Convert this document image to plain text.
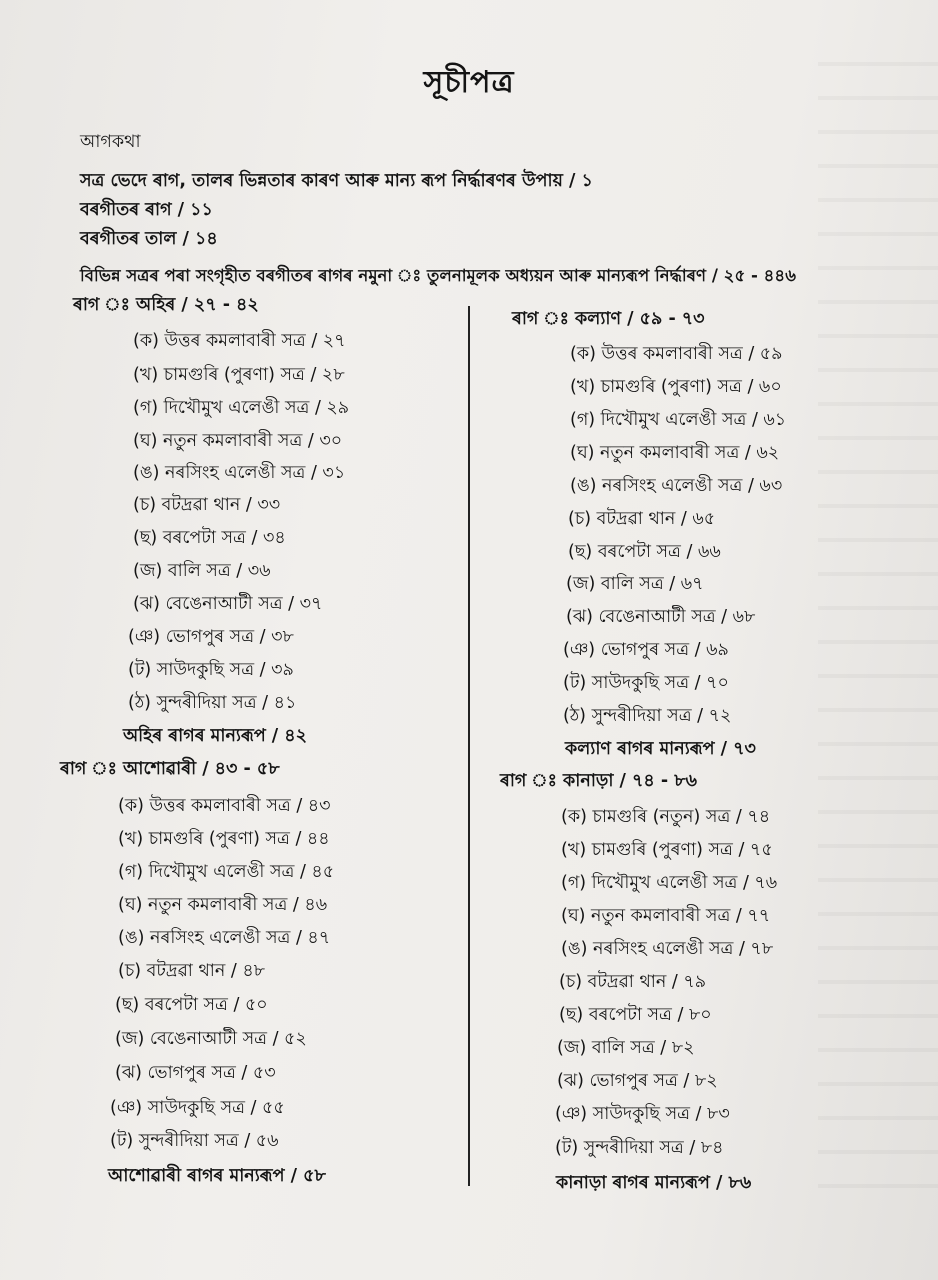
সূচীপত্ৰ
আগকথা
সত্ৰ ভেদে ৰাগ, তালৰ ভিন্নতাৰ কাৰণ আৰু মান্য ৰূপ নিৰ্দ্ধাৰণৰ উপায় / ১
বৰগীতৰ ৰাগ / ১১
বৰগীতৰ তাল / ১৪
বিভিন্ন সত্ৰৰ পৰা সংগৃহীত বৰগীতৰ ৰাগৰ নমুনা ঃ তুলনামূলক অধ্যয়ন আৰু মান্যৰূপ নিৰ্দ্ধাৰণ / ২৫ - ৪৪৬
ৰাগ ঃ অহিৰ / ২৭ - ৪২
(ক) উত্তৰ কমলাবাৰী সত্ৰ / ২৭
(খ) চামগুৰি (পুৰণা) সত্ৰ / ২৮
(গ) দিখৌমুখ এলেঙী সত্ৰ / ২৯
(ঘ) নতুন কমলাবাৰী সত্ৰ / ৩০
(ঙ) নৰসিংহ এলেঙী সত্ৰ / ৩১
(চ) বটদ্ৰৱা থান / ৩৩
(ছ) বৰপেটা সত্ৰ / ৩৪
(জ) বালি সত্ৰ / ৩৬
(ঝ) বেঙেনাআটী সত্ৰ / ৩৭
(ঞ) ভোগপুৰ সত্ৰ / ৩৮
(ট) সাউদকুছি সত্ৰ / ৩৯
(ঠ) সুন্দৰীদিয়া সত্ৰ / ৪১
অহিৰ ৰাগৰ মান্যৰূপ / ৪২
ৰাগ ঃ আশোৱাৰী / ৪৩ - ৫৮
(ক) উত্তৰ কমলাবাৰী সত্ৰ / ৪৩
(খ) চামগুৰি (পুৰণা) সত্ৰ / ৪৪
(গ) দিখৌমুখ এলেঙী সত্ৰ / ৪৫
(ঘ) নতুন কমলাবাৰী সত্ৰ / ৪৬
(ঙ) নৰসিংহ এলেঙী সত্ৰ / ৪৭
(চ) বটদ্ৰৱা থান / ৪৮
(ছ) বৰপেটা সত্ৰ / ৫০
(জ) বেঙেনাআটী সত্ৰ / ৫২
(ঝ) ভোগপুৰ সত্ৰ / ৫৩
(ঞ) সাউদকুছি সত্ৰ / ৫৫
(ট) সুন্দৰীদিয়া সত্ৰ / ৫৬
আশোৱাৰী ৰাগৰ মান্যৰূপ / ৫৮
ৰাগ ঃ কল্যাণ / ৫৯ - ৭৩
(ক) উত্তৰ কমলাবাৰী সত্ৰ / ৫৯
(খ) চামগুৰি (পুৰণা) সত্ৰ / ৬০
(গ) দিখৌমুখ এলেঙী সত্ৰ / ৬১
(ঘ) নতুন কমলাবাৰী সত্ৰ / ৬২
(ঙ) নৰসিংহ এলেঙী সত্ৰ / ৬৩
(চ) বটদ্ৰৱা থান / ৬৫
(ছ) বৰপেটা সত্ৰ / ৬৬
(জ) বালি সত্ৰ / ৬৭
(ঝ) বেঙেনাআটী সত্ৰ / ৬৮
(ঞ) ভোগপুৰ সত্ৰ / ৬৯
(ট) সাউদকুছি সত্ৰ / ৭০
(ঠ) সুন্দৰীদিয়া সত্ৰ / ৭২
কল্যাণ ৰাগৰ মান্যৰূপ / ৭৩
ৰাগ ঃ কানাড়া / ৭৪ - ৮৬
(ক) চামগুৰি (নতুন) সত্ৰ / ৭৪
(খ) চামগুৰি (পুৰণা) সত্ৰ / ৭৫
(গ) দিখৌমুখ এলেঙী সত্ৰ / ৭৬
(ঘ) নতুন কমলাবাৰী সত্ৰ / ৭৭
(ঙ) নৰসিংহ এলেঙী সত্ৰ / ৭৮
(চ) বটদ্ৰৱা থান / ৭৯
(ছ) বৰপেটা সত্ৰ / ৮০
(জ) বালি সত্ৰ / ৮২
(ঝ) ভোগপুৰ সত্ৰ / ৮২
(ঞ) সাউদকুছি সত্ৰ / ৮৩
(ট) সুন্দৰীদিয়া সত্ৰ / ৮৪
কানাড়া ৰাগৰ মান্যৰূপ / ৮৬
